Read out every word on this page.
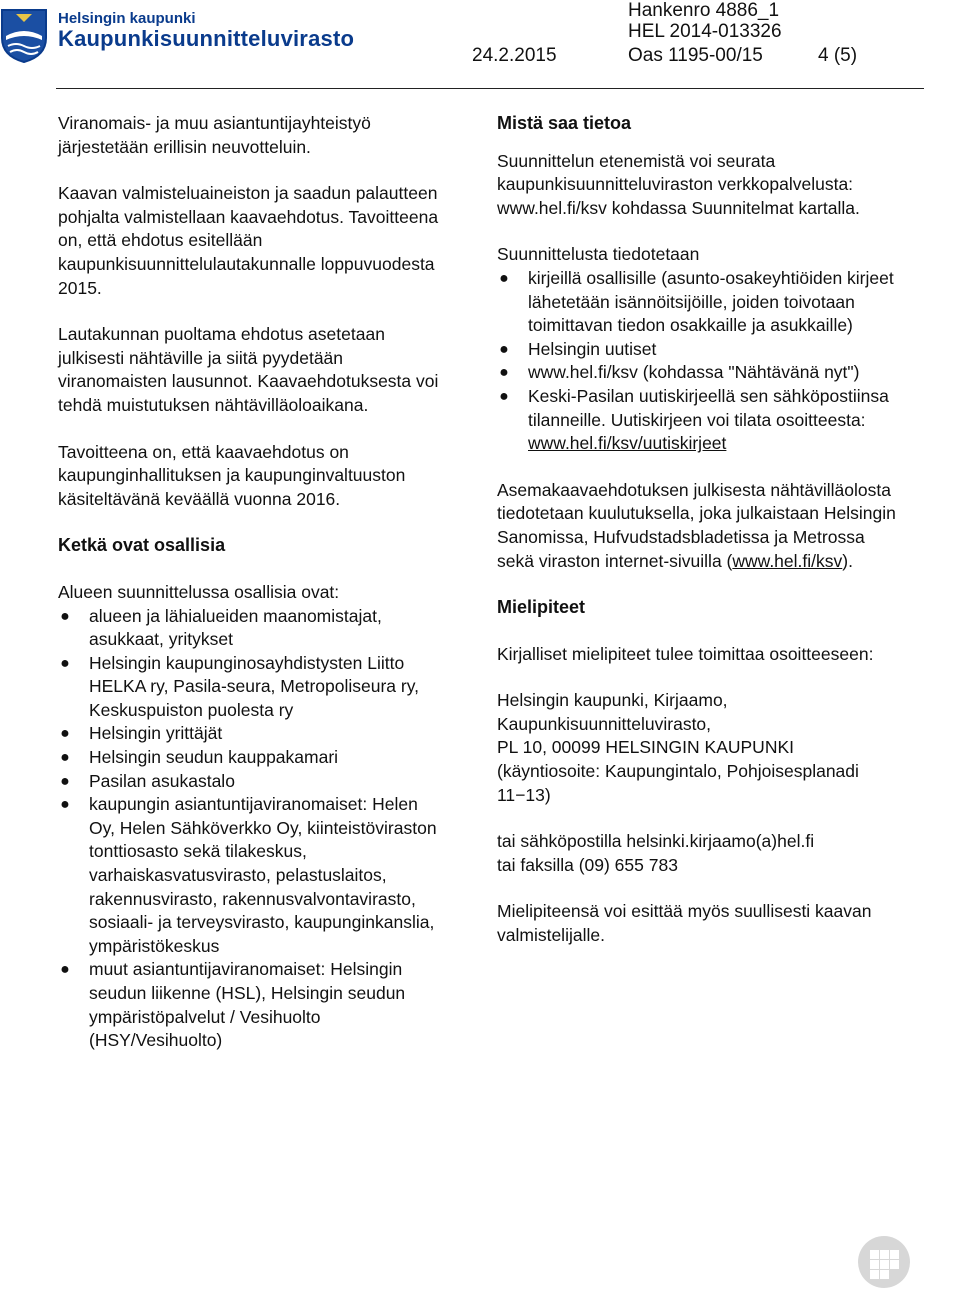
Helsingin kaupunki
Kaupunkisuunnitteluvirasto
Hankenro 4886_1
HEL 2014-013326
24.2.2015	Oas 1195-00/15	4 (5)

Viranomais- ja muu asiantuntijayhteistyö järjestetään erillisin neuvotteluin.

Kaavan valmisteluaineiston ja saadun palautteen pohjalta valmistellaan kaavaehdotus. Tavoitteena on, että ehdotus esitellään kaupunkisuunnittelulautakunnalle loppuvuodesta 2015.

Lautakunnan puoltama ehdotus asetetaan julkisesti nähtäville ja siitä pyydetään viranomaisten lausunnot. Kaavaehdotuksesta voi tehdä muistutuksen nähtävilläoloaikana.

Tavoitteena on, että kaavaehdotus on kaupunginhallituksen ja kaupunginvaltuuston käsiteltävänä keväällä vuonna 2016.

Ketkä ovat osallisia

Alueen suunnittelussa osallisia ovat:

● alueen ja lähialueiden maanomistajat, asukkaat, yritykset
● Helsingin kaupunginosayhdistysten Liitto HELKA ry, Pasila-seura, Metropoliseura ry, Keskuspuiston puolesta ry
● Helsingin yrittäjät
● Helsingin seudun kauppakamari
● Pasilan asukastalo
● kaupungin asiantuntijaviranomaiset: Helen Oy, Helen Sähköverkko Oy, kiinteistöviraston tonttiosasto sekä tilakeskus, varhaiskasvatusvirasto, pelastuslaitos, rakennusvirasto, rakennusvalvontavirasto, sosiaali- ja terveysvirasto, kaupunginkanslia, ympäristökeskus
● muut asiantuntijaviranomaiset: Helsingin seudun liikenne (HSL), Helsingin seudun ympäristöpalvelut / Vesihuolto (HSY/Vesihuolto)
Mistä saa tietoa

Suunnittelun etenemistä voi seurata kaupunkisuunnitteluviraston verkkopalvelusta: www.hel.fi/ksv kohdassa Suunnitelmat kartalla.

Suunnittelusta tiedotetaan

● kirjeillä osallisille (asunto-osakeyhtiöiden kirjeet lähetetään isännöitsijöille, joiden toivotaan toimittavan tiedon osakkaille ja asukkaille)
● Helsingin uutiset
● www.hel.fi/ksv (kohdassa "Nähtävänä nyt")
● Keski-Pasilan uutiskirjeellä sen sähköpostiinsa tilanneille. Uutiskirjeen voi tilata osoitteesta:
www.hel.fi/ksv/uutiskirjeet

Asemakaavaehdotuksen julkisesta nähtävilläolosta tiedotetaan kuulutuksella, joka julkaistaan Helsingin Sanomissa, Hufvudstadsbladetissa ja Metrossa sekä viraston internet-sivuilla (www.hel.fi/ksv).

Mielipiteet

Kirjalliset mielipiteet tulee toimittaa osoitteeseen:

Helsingin kaupunki, Kirjaamo,
Kaupunkisuunnitteluvirasto,
PL 10, 00099 HELSINGIN KAUPUNKI
(käyntiosoite: Kaupungintalo, Pohjoisesplanadi 11−13)

tai sähköpostilla helsinki.kirjaamo(a)hel.fi
tai faksilla (09) 655 783

Mielipiteensä voi esittää myös suullisesti kaavan valmistelijalle.
